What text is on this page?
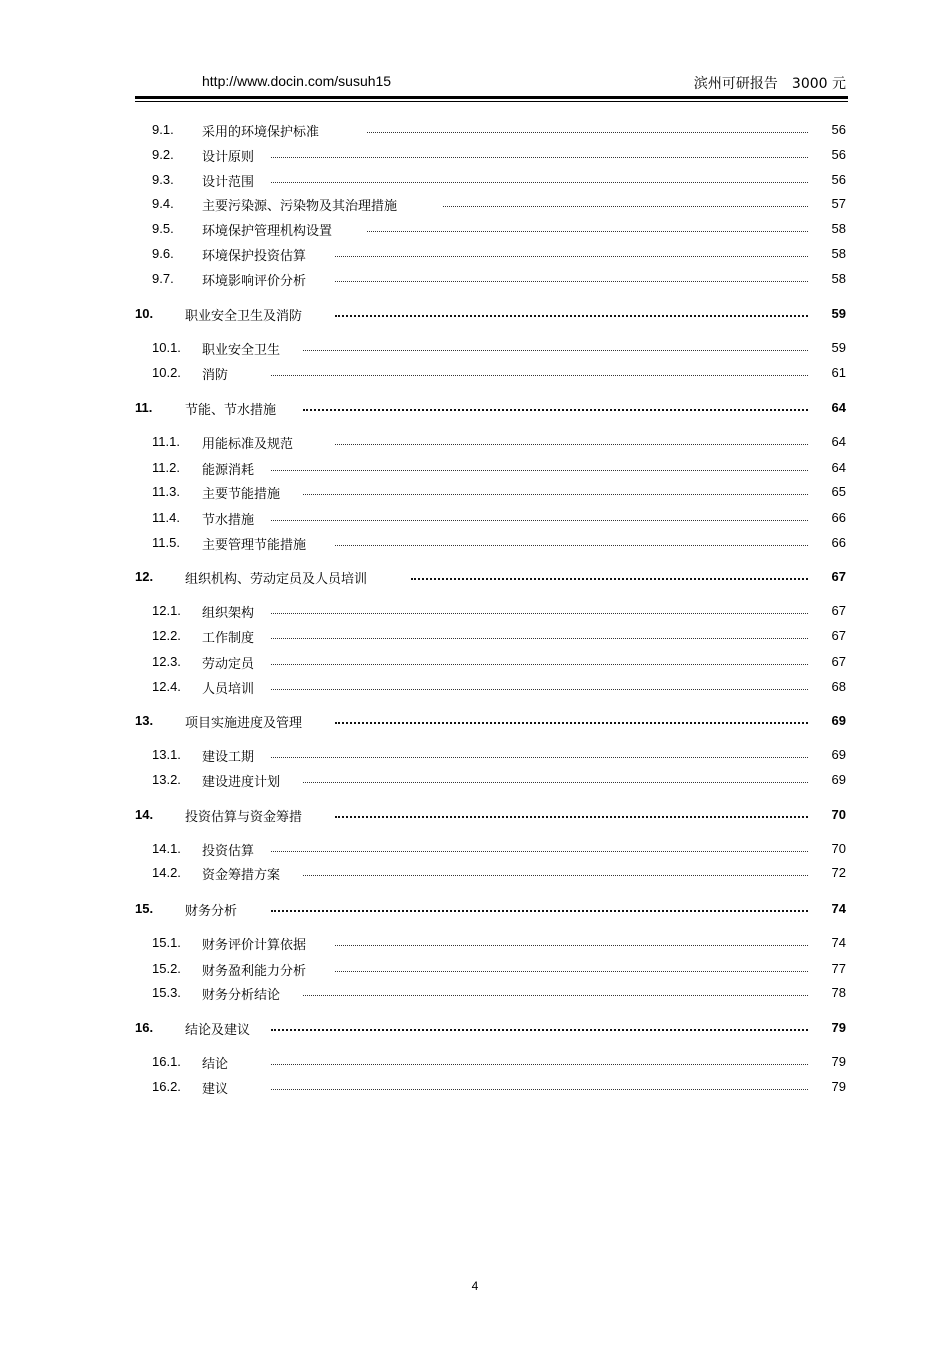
http://www.docin.com/susuh15	滨州可研报告　3000 元
9.1. 采用的环境保护标准	56
9.2. 设计原则	56
9.3. 设计范围	56
9.4. 主要污染源、污染物及其治理措施	57
9.5. 环境保护管理机构设置	58
9.6. 环境保护投资估算	58
9.7. 环境影响评价分析	58
10. 职业安全卫生及消防	59
10.1. 职业安全卫生	59
10.2. 消防	61
11.	节能、节水措施	64
11.1. 用能标准及规范	64
11.2. 能源消耗	64
11.3. 主要节能措施	65
11.4. 节水措施	66
11.5. 主要管理节能措施	66
12. 组织机构、劳动定员及人员培训	67
12.1. 组织架构	67
12.2. 工作制度	67
12.3. 劳动定员	67
12.4. 人员培训	68
13. 项目实施进度及管理	69
13.1. 建设工期	69
13.2. 建设进度计划	69
14. 投资估算与资金筹措	70
14.1. 投资估算	70
14.2. 资金筹措方案	72
15. 财务分析	74
15.1. 财务评价计算依据	74
15.2. 财务盈利能力分析	77
15.3. 财务分析结论	78
16. 结论及建议	79
16.1. 结论	79
16.2. 建议	79
4
